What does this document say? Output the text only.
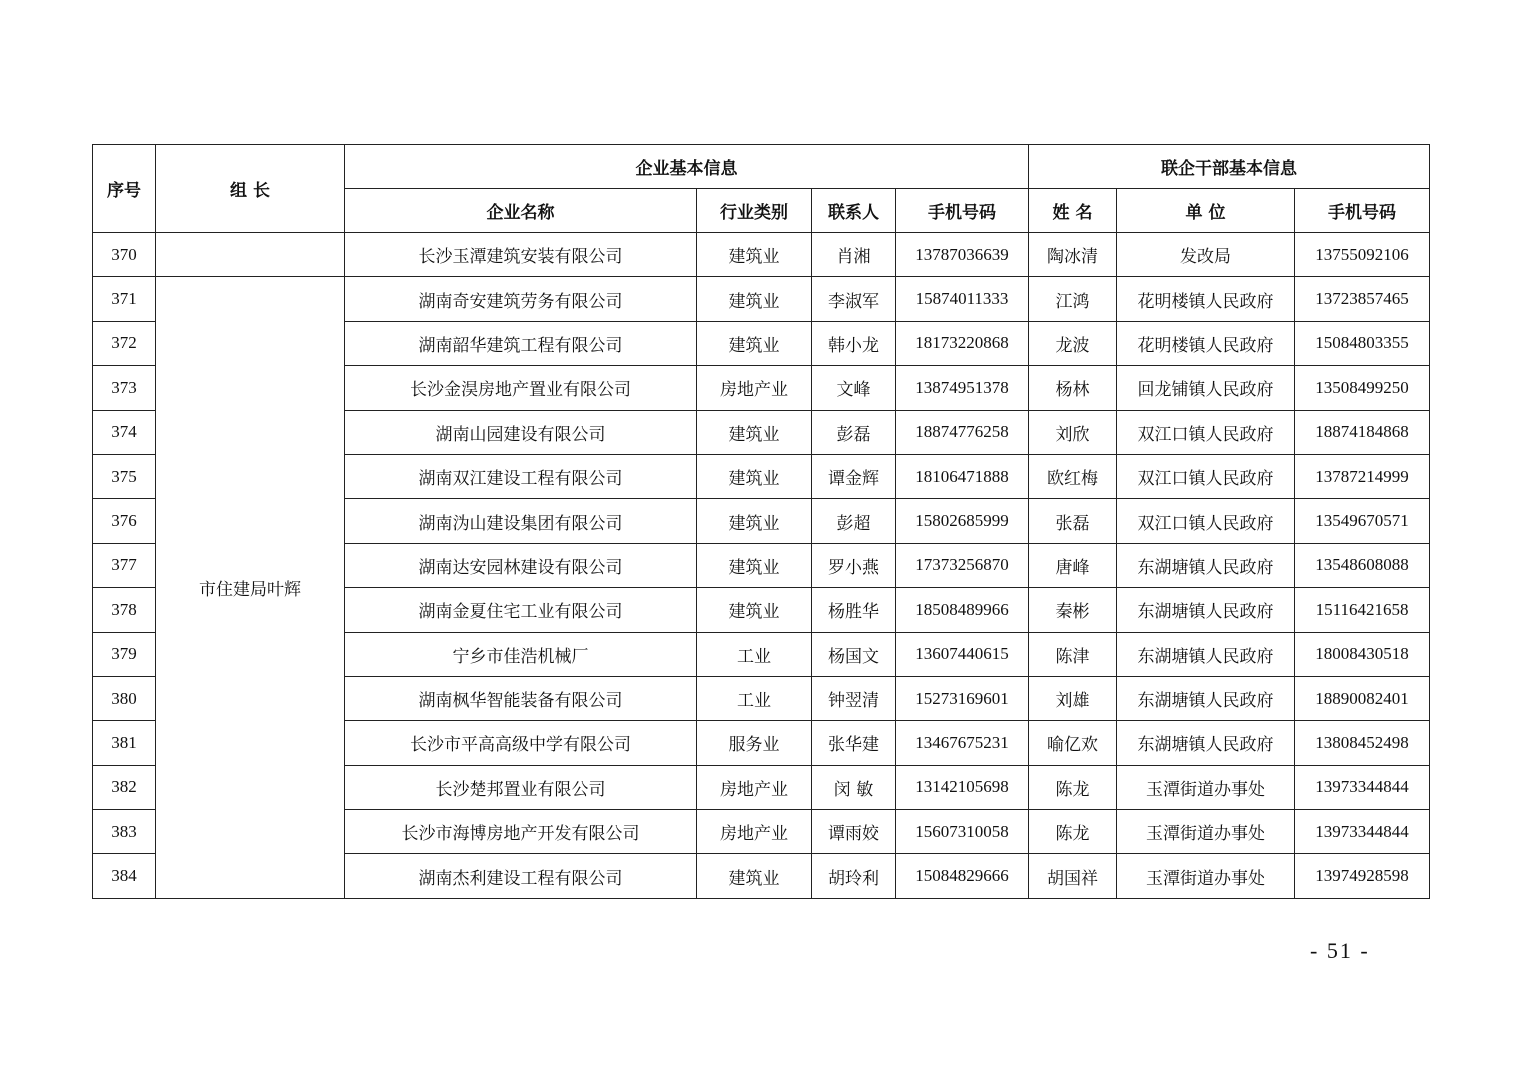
序号	组 长	企业基本信息				联企干部基本信息		
		企业名称	行业类别	联系人	手机号码	姓 名	单 位	手机号码
370		长沙玉潭建筑安装有限公司	建筑业	肖湘	13787036639	陶冰清	发改局	13755092106
371	市住建局叶辉	湖南奇安建筑劳务有限公司	建筑业	李淑军	15874011333	江鸿	花明楼镇人民政府	13723857465
372		湖南韶华建筑工程有限公司	建筑业	韩小龙	18173220868	龙波	花明楼镇人民政府	15084803355
373		长沙金淏房地产置业有限公司	房地产业	文峰	13874951378	杨林	回龙铺镇人民政府	13508499250
374		湖南山园建设有限公司	建筑业	彭磊	18874776258	刘欣	双江口镇人民政府	18874184868
375		湖南双江建设工程有限公司	建筑业	谭金辉	18106471888	欧红梅	双江口镇人民政府	13787214999
376		湖南沩山建设集团有限公司	建筑业	彭超	15802685999	张磊	双江口镇人民政府	13549670571
377		湖南达安园林建设有限公司	建筑业	罗小燕	17373256870	唐峰	东湖塘镇人民政府	13548608088
378		湖南金夏住宅工业有限公司	建筑业	杨胜华	18508489966	秦彬	东湖塘镇人民政府	15116421658
379		宁乡市佳浩机械厂	工业	杨国文	13607440615	陈津	东湖塘镇人民政府	18008430518
380		湖南枫华智能装备有限公司	工业	钟翌清	15273169601	刘雄	东湖塘镇人民政府	18890082401
381		长沙市平高高级中学有限公司	服务业	张华建	13467675231	喻亿欢	东湖塘镇人民政府	13808452498
382		长沙楚邦置业有限公司	房地产业	闵 敏	13142105698	陈龙	玉潭街道办事处	13973344844
383		长沙市海博房地产开发有限公司	房地产业	谭雨姣	15607310058	陈龙	玉潭街道办事处	13973344844
384		湖南杰利建设工程有限公司	建筑业	胡玲利	15084829666	胡国祥	玉潭街道办事处	13974928598
- 51 -
